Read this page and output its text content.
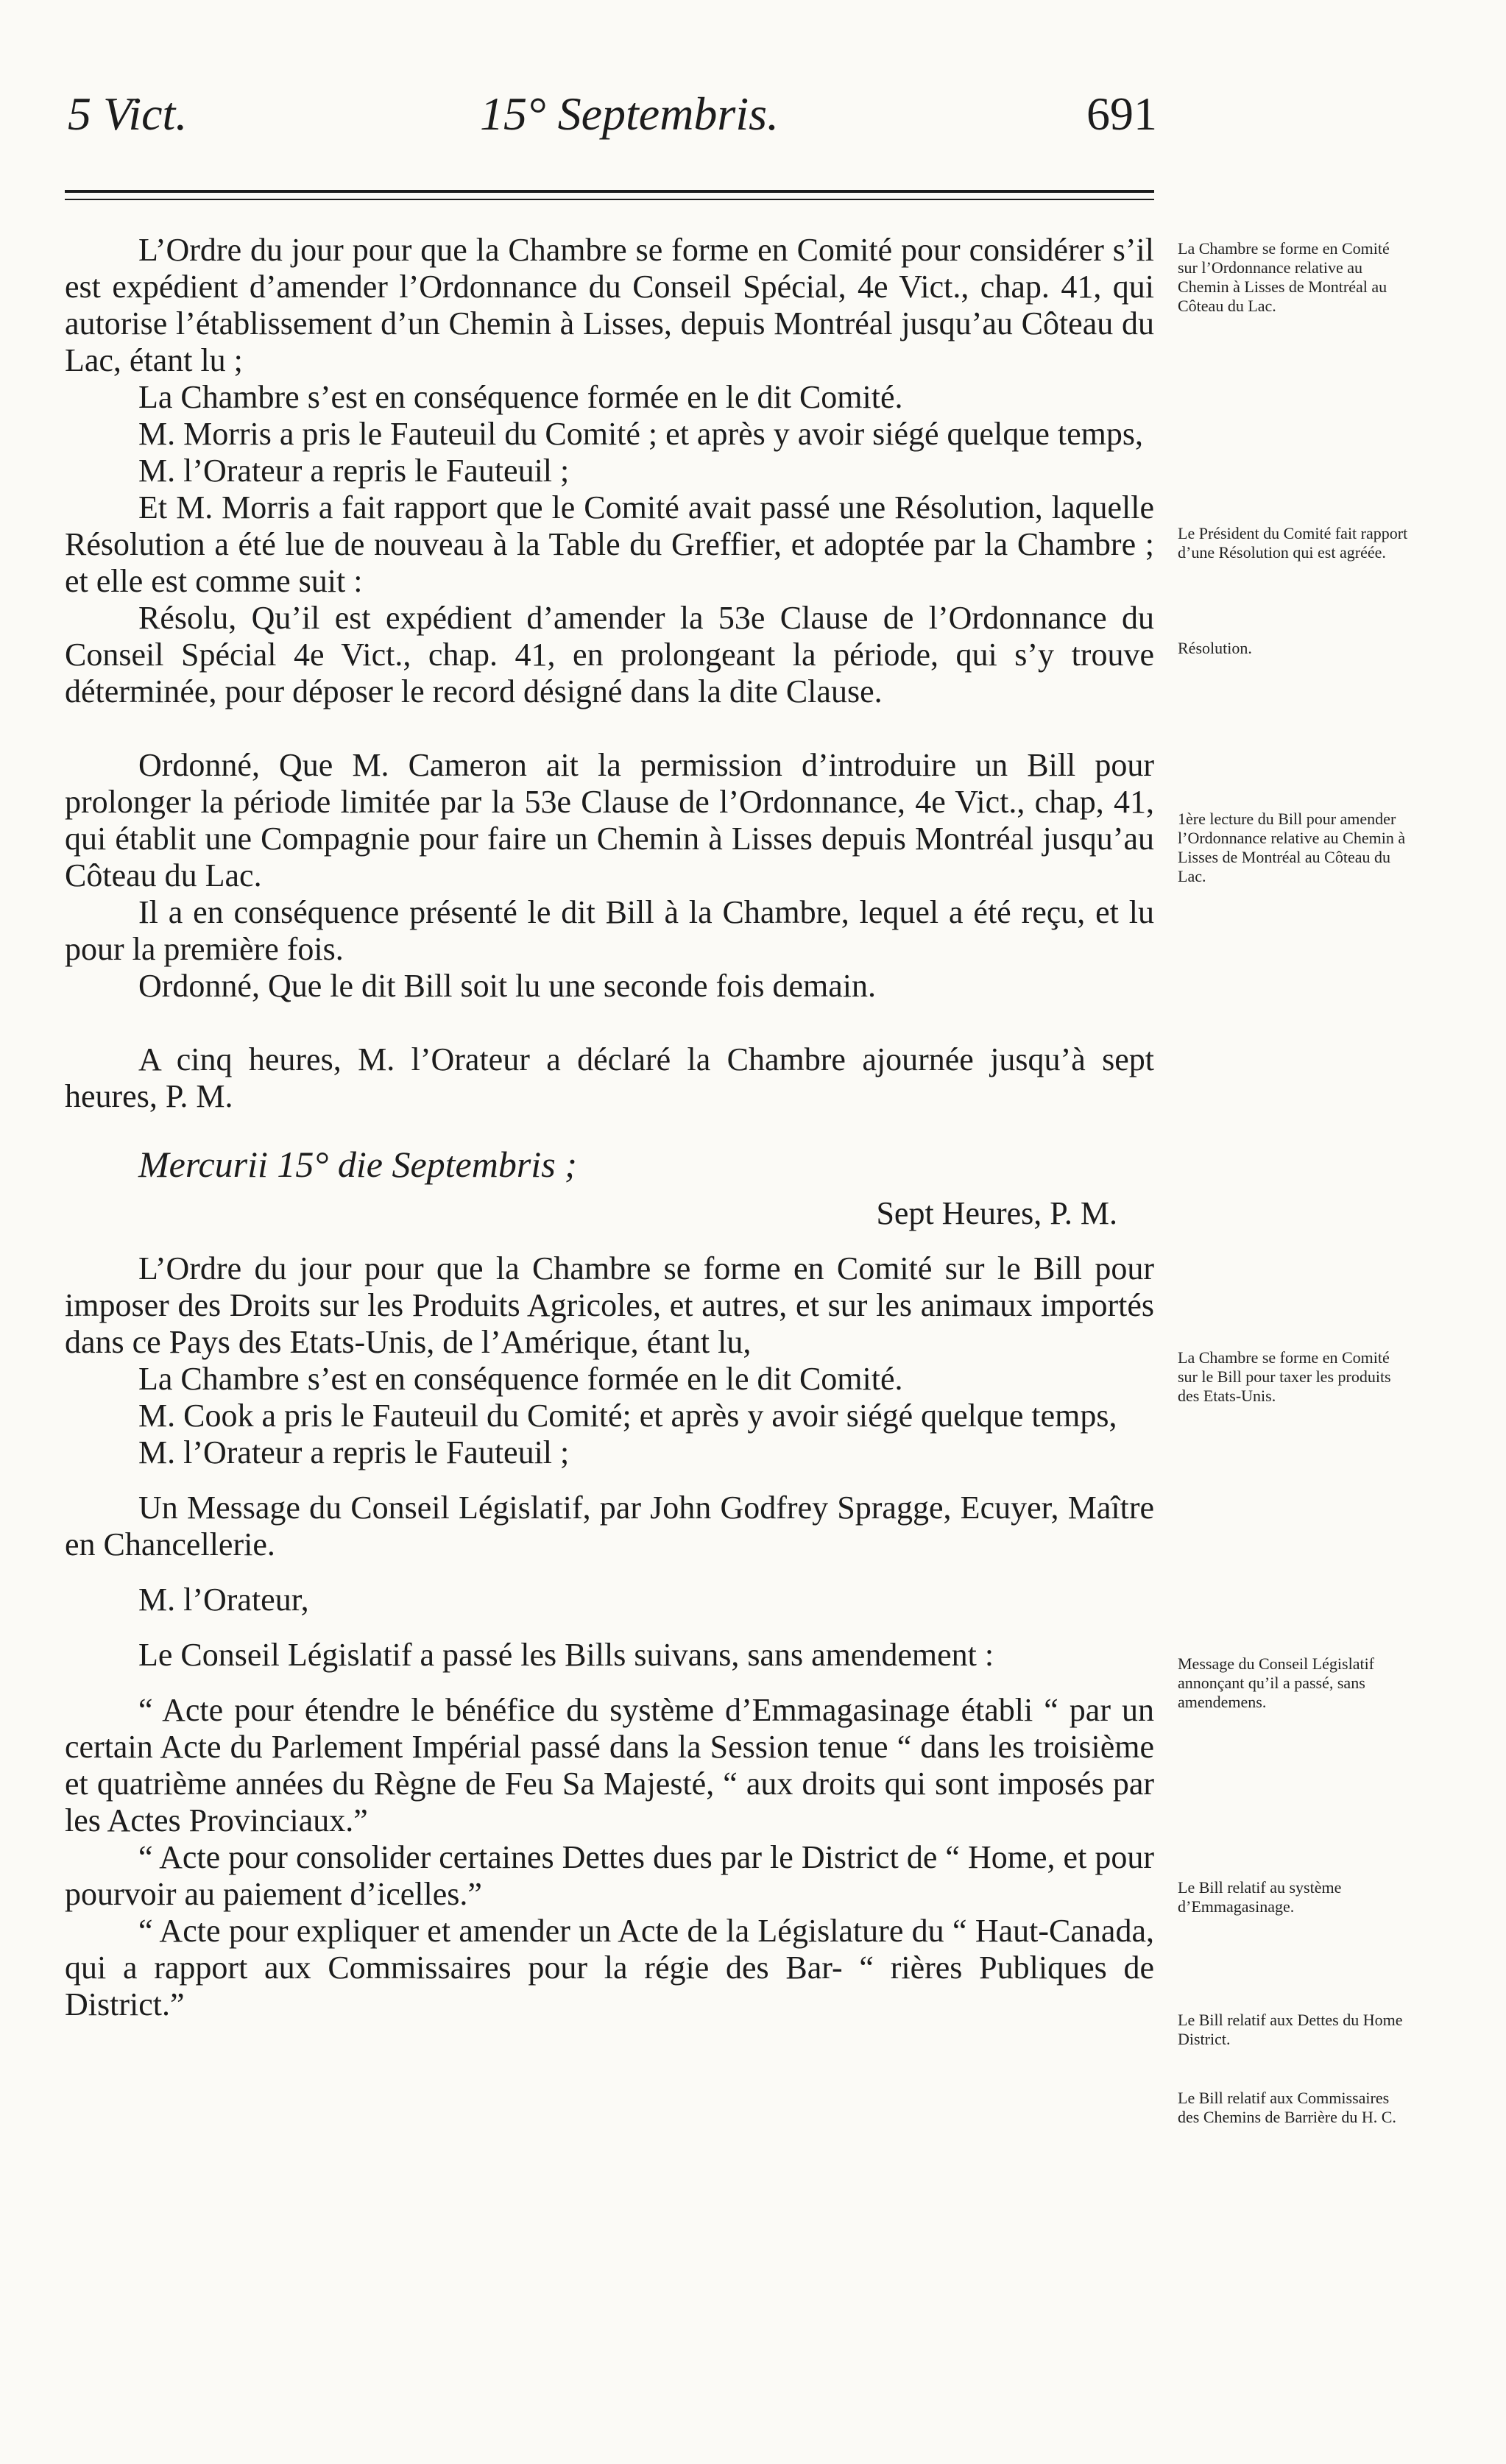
5 Vict.	15° Septembris.	691

L’Ordre du jour pour que la Chambre se forme en Comité pour considérer s’il est expédient d’amender l’Ordonnance du Conseil Spécial, 4e Vict., chap. 41, qui autorise l’établissement d’un Chemin à Lisses, depuis Montréal jusqu’au Côteau du Lac, étant lu ;

La Chambre s’est en conséquence formée en le dit Comité.

M. Morris a pris le Fauteuil du Comité ; et après y avoir siégé quelque temps,

M. l’Orateur a repris le Fauteuil ;

Et M. Morris a fait rapport que le Comité avait passé une Résolution, laquelle Résolution a été lue de nouveau à la Table du Greffier, et adoptée par la Chambre ; et elle est comme suit :

Résolu, Qu’il est expédient d’amender la 53e Clause de l’Ordonnance du Conseil Spécial 4e Vict., chap. 41, en prolongeant la période, qui s’y trouve déterminée, pour déposer le record désigné dans la dite Clause.

Ordonné, Que M. Cameron ait la permission d’introduire un Bill pour prolonger la période limitée par la 53e Clause de l’Ordonnance, 4e Vict., chap, 41, qui établit une Compagnie pour faire un Chemin à Lisses depuis Montréal jusqu’au Côteau du Lac.

Il a en conséquence présenté le dit Bill à la Chambre, lequel a été reçu, et lu pour la première fois.

Ordonné, Que le dit Bill soit lu une seconde fois demain.

A cinq heures, M. l’Orateur a déclaré la Chambre ajournée jusqu’à sept heures, P. M.

Mercurii 15° die Septembris ;

Sept Heures, P. M.

L’Ordre du jour pour que la Chambre se forme en Comité sur le Bill pour imposer des Droits sur les Produits Agricoles, et autres, et sur les animaux importés dans ce Pays des Etats-Unis, de l’Amérique, étant lu,

La Chambre s’est en conséquence formée en le dit Comité.

M. Cook a pris le Fauteuil du Comité; et après y avoir siégé quelque temps,

M. l’Orateur a repris le Fauteuil ;

Un Message du Conseil Législatif, par John Godfrey Spragge, Ecuyer, Maître en Chancellerie.

M. l’Orateur,

Le Conseil Législatif a passé les Bills suivans, sans amendement :

“ Acte pour étendre le bénéfice du système d’Emmagasinage établi “ par un certain Acte du Parlement Impérial passé dans la Session tenue “ dans les troisième et quatrième années du Règne de Feu Sa Majesté, “ aux droits qui sont imposés par les Actes Provinciaux.”

“ Acte pour consolider certaines Dettes dues par le District de “ Home, et pour pourvoir au paiement d’icelles.”

“ Acte pour expliquer et amender un Acte de la Législature du “ Haut-Canada, qui a rapport aux Commissaires pour la régie des Bar- “ rières Publiques de District.”

La Chambre se forme en Comité sur l’Ordonnance relative au Chemin à Lisses de Montréal au Côteau du Lac.
Le Président du Comité fait rapport d’une Résolution qui est agréée.
Résolution.
1ère lecture du Bill pour amender l’Ordonnance relative au Chemin à Lisses de Montréal au Côteau du Lac.
La Chambre se forme en Comité sur le Bill pour taxer les produits des Etats-Unis.
Message du Conseil Législatif annonçant qu’il a passé, sans amendemens.
Le Bill relatif au système d’Emmagasinage.
Le Bill relatif aux Dettes du Home District.
Le Bill relatif aux Commissaires des Chemins de Barrière du H. C.
